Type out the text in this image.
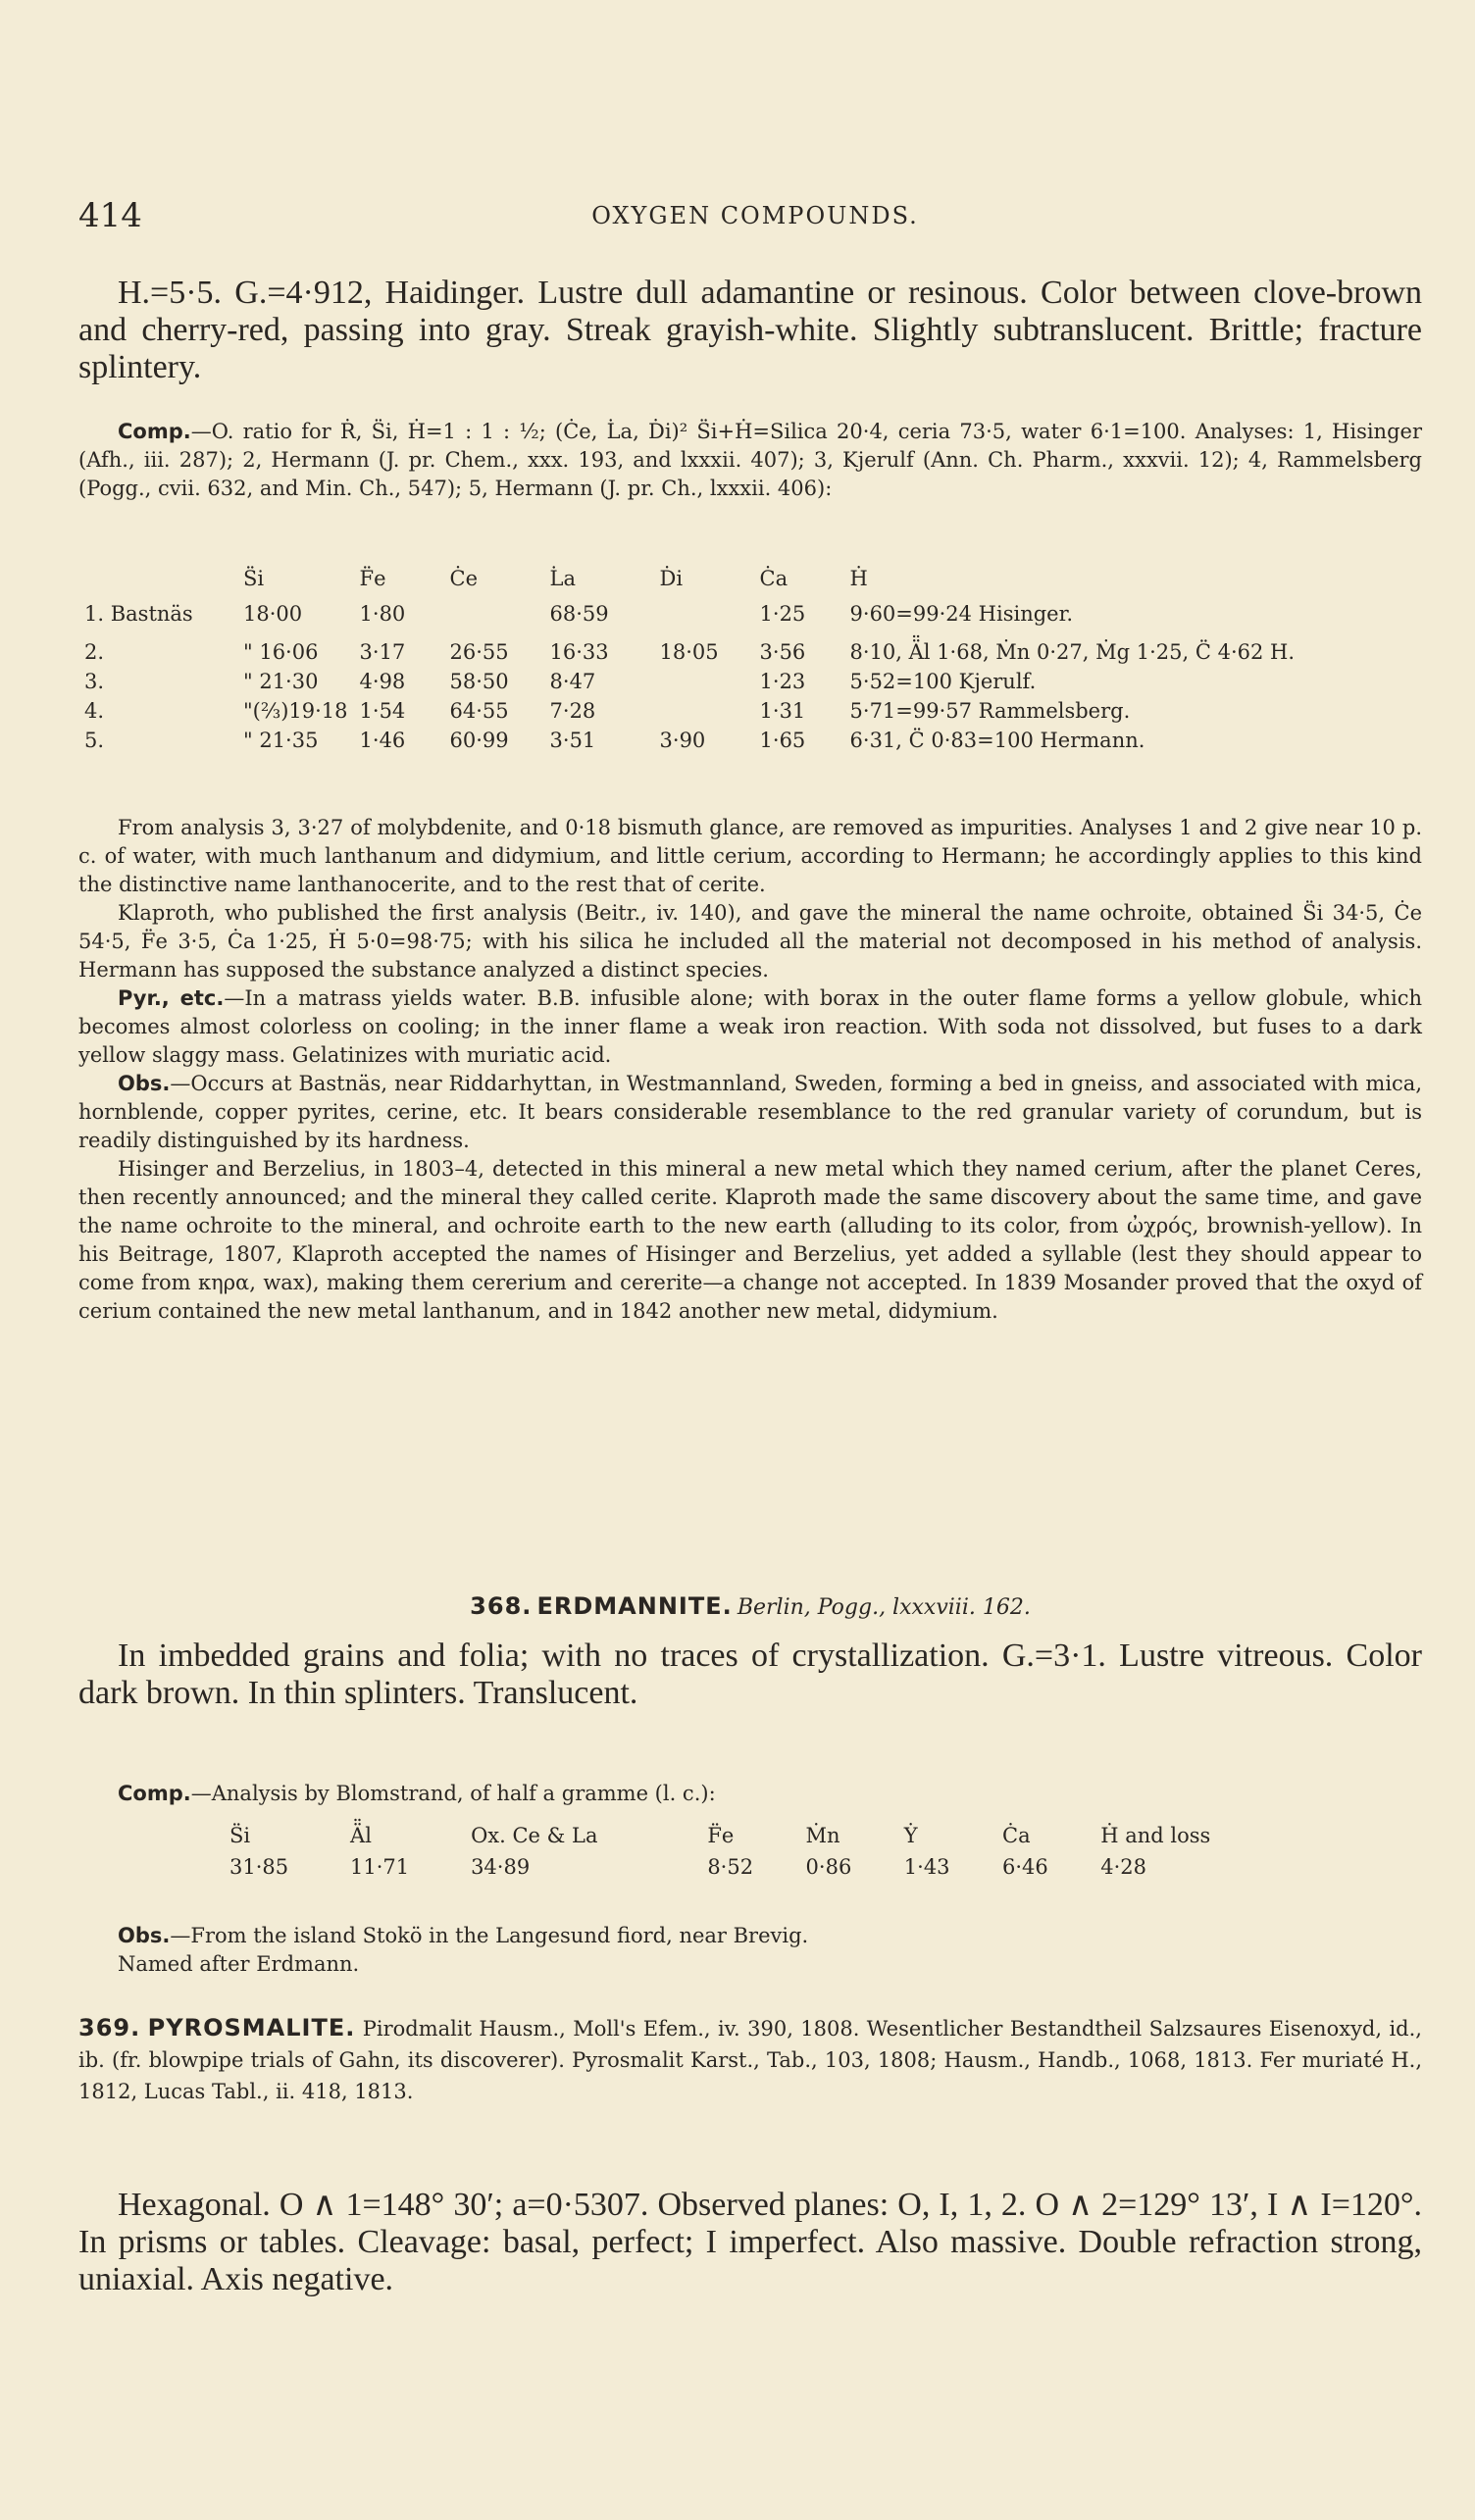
414	OXYGEN COMPOUNDS.

H.=5·5. G.=4·912, Haidinger. Lustre dull adamantine or resinous. Color between clove-brown and cherry-red, passing into gray. Streak grayish-white. Slightly subtranslucent. Brittle; fracture splintery.

Comp.—O. ratio for Ṙ, S̈i, Ḣ=1 : 1 : ½; (Ċe, L̇a, Ḋi)² S̈i+Ḣ=Silica 20·4, ceria 73·5, water 6·1=100. Analyses: 1, Hisinger (Afh., iii. 287); 2, Hermann (J. pr. Chem., xxx. 193, and lxxxii. 407); 3, Kjerulf (Ann. Ch. Pharm., xxxvii. 12); 4, Rammelsberg (Pogg., cvii. 632, and Min. Ch., 547); 5, Hermann (J. pr. Ch., lxxxii. 406):

	S̈i	F̈e	Ċe	L̇a	Ḋi	Ċa	Ḣ
1. Bastnäs	18·00	1·80		68·59		1·25	9·60=99·24 Hisinger.
2.	" 16·06	3·17	26·55	16·33	18·05	3·56	8·10, Ä̈l 1·68, Ṁn 0·27, Ṁg 1·25, C̈ 4·62 H.
3.	" 21·30	4·98	58·50	8·47		1·23	5·52=100 Kjerulf.
4.	"(⅔)19·18	1·54	64·55	7·28		1·31	5·71=99·57 Rammelsberg.
5.	" 21·35	1·46	60·99	3·51	3·90	1·65	6·31, C̈ 0·83=100 Hermann.

From analysis 3, 3·27 of molybdenite, and 0·18 bismuth glance, are removed as impurities. Analyses 1 and 2 give near 10 p. c. of water, with much lanthanum and didymium, and little cerium, according to Hermann; he accordingly applies to this kind the distinctive name lanthanocerite, and to the rest that of cerite.

Klaproth, who published the first analysis (Beitr., iv. 140), and gave the mineral the name ochroite, obtained S̈i 34·5, Ċe 54·5, F̈e 3·5, Ċa 1·25, Ḣ 5·0=98·75; with his silica he included all the material not decomposed in his method of analysis. Hermann has supposed the substance analyzed a distinct species.

Pyr., etc.—In a matrass yields water. B.B. infusible alone; with borax in the outer flame forms a yellow globule, which becomes almost colorless on cooling; in the inner flame a weak iron reaction. With soda not dissolved, but fuses to a dark yellow slaggy mass. Gelatinizes with muriatic acid.

Obs.—Occurs at Bastnäs, near Riddarhyttan, in Westmannland, Sweden, forming a bed in gneiss, and associated with mica, hornblende, copper pyrites, cerine, etc. It bears considerable resemblance to the red granular variety of corundum, but is readily distinguished by its hardness.

Hisinger and Berzelius, in 1803–4, detected in this mineral a new metal which they named cerium, after the planet Ceres, then recently announced; and the mineral they called cerite. Klaproth made the same discovery about the same time, and gave the name ochroite to the mineral, and ochroite earth to the new earth (alluding to its color, from ὠχρός, brownish-yellow). In his Beitrage, 1807, Klaproth accepted the names of Hisinger and Berzelius, yet added a syllable (lest they should appear to come from κηρα, wax), making them cererium and cererite—a change not accepted. In 1839 Mosander proved that the oxyd of cerium contained the new metal lanthanum, and in 1842 another new metal, didymium.

368. ERDMANNITE. Berlin, Pogg., lxxxviii. 162.

In imbedded grains and folia; with no traces of crystallization. G.=3·1. Lustre vitreous. Color dark brown. In thin splinters. Translucent.

Comp.—Analysis by Blomstrand, of half a gramme (l. c.):

S̈i	Ä̈l	Ox. Ce & La	F̈e	Ṁn	Ẏ	Ċa	Ḣ and loss
31·85	11·71	34·89	8·52	0·86	1·43	6·46	4·28

Obs.—From the island Stokö in the Langesund fiord, near Brevig.

Named after Erdmann.

369. PYROSMALITE. Pirodmalit Hausm., Moll's Efem., iv. 390, 1808. Wesentlicher Bestandtheil Salzsaures Eisenoxyd, id., ib. (fr. blowpipe trials of Gahn, its discoverer). Pyrosmalit Karst., Tab., 103, 1808; Hausm., Handb., 1068, 1813. Fer muriaté H., 1812, Lucas Tabl., ii. 418, 1813.

Hexagonal. O ∧ 1=148° 30′; a=0·5307. Observed planes: O, I, 1, 2. O ∧ 2=129° 13′, I ∧ I=120°. In prisms or tables. Cleavage: basal, perfect; I imperfect. Also massive. Double refraction strong, uniaxial. Axis negative.
